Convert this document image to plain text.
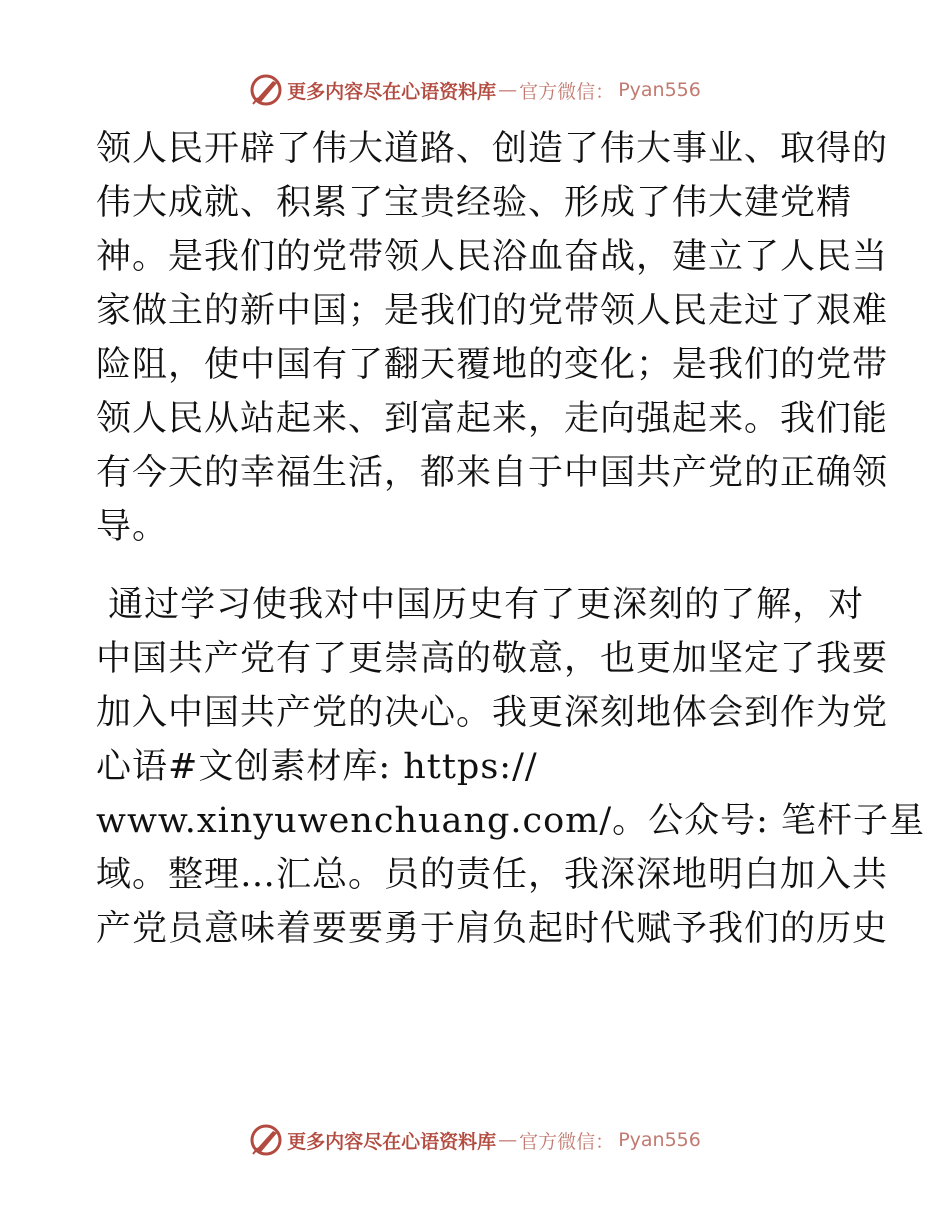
更多内容尽在心语资料库 — 官方微信： Pyan556
领人民开辟了伟大道路、创造了伟大事业、取得的
伟大成就、积累了宝贵经验、形成了伟大建党精
神。是我们的党带领人民浴血奋战，建立了人民当
家做主的新中国；是我们的党带领人民走过了艰难
险阻，使中国有了翻天覆地的变化；是我们的党带
领人民从站起来、到富起来，走向强起来。我们能
有今天的幸福生活，都来自于中国共产党的正确领
导。
通过学习使我对中国历史有了更深刻的了解，对
中国共产党有了更崇高的敬意，也更加坚定了我要
加入中国共产党的决心。我更深刻地体会到作为党
心语#文创素材库: https://
www.xinyuwenchuang.com/。公众号: 笔杆子星
域。整理…汇总。员的责任，我深深地明白加入共
产党员意味着要要勇于肩负起时代赋予我们的历史
更多内容尽在心语资料库 — 官方微信： Pyan556
